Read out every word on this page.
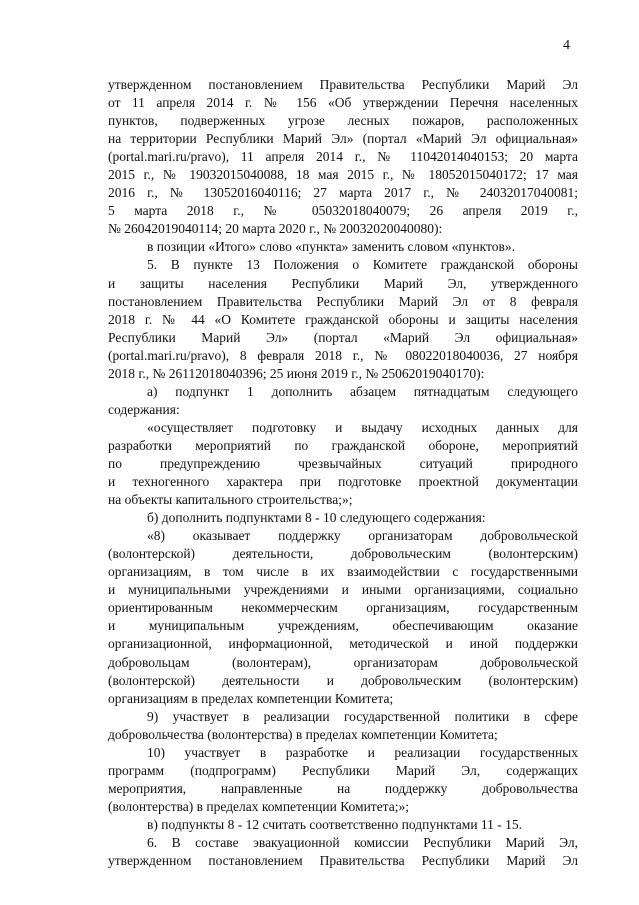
4
утвержденном постановлением Правительства Республики Марий Эл
от 11 апреля 2014 г. № 156 «Об утверждении Перечня населенных
пунктов, подверженных угрозе лесных пожаров, расположенных
на территории Республики Марий Эл» (портал «Марий Эл официальная»
(portal.mari.ru/pravo), 11 апреля 2014 г., № 11042014040153; 20 марта
2015 г., № 19032015040088, 18 мая 2015 г., № 18052015040172; 17 мая
2016 г., № 13052016040116; 27 марта 2017 г., № 24032017040081;
5 марта 2018 г., № 05032018040079; 26 апреля 2019 г.,
№ 26042019040114; 20 марта 2020 г., № 20032020040080):
в позиции «Итого» слово «пункта» заменить словом «пунктов».
5. В пункте 13 Положения о Комитете гражданской обороны
и защиты населения Республики Марий Эл, утвержденного
постановлением Правительства Республики Марий Эл от 8 февраля
2018 г. № 44 «О Комитете гражданской обороны и защиты населения
Республики Марий Эл» (портал «Марий Эл официальная»
(portal.mari.ru/pravo), 8 февраля 2018 г., № 08022018040036, 27 ноября
2018 г., № 26112018040396; 25 июня 2019 г., № 25062019040170):
а) подпункт 1 дополнить абзацем пятнадцатым следующего
содержания:
«осуществляет подготовку и выдачу исходных данных для
разработки мероприятий по гражданской обороне, мероприятий
по предупреждению чрезвычайных ситуаций природного
и техногенного характера при подготовке проектной документации
на объекты капитального строительства;»;
б) дополнить подпунктами 8 - 10 следующего содержания:
«8) оказывает поддержку организаторам добровольческой
(волонтерской) деятельности, добровольческим (волонтерским)
организациям, в том числе в их взаимодействии с государственными
и муниципальными учреждениями и иными организациями, социально
ориентированным некоммерческим организациям, государственным
и муниципальным учреждениям, обеспечивающим оказание
организационной, информационной, методической и иной поддержки
добровольцам (волонтерам), организаторам добровольческой
(волонтерской) деятельности и добровольческим (волонтерским)
организациям в пределах компетенции Комитета;
9) участвует в реализации государственной политики в сфере
добровольчества (волонтерства) в пределах компетенции Комитета;
10) участвует в разработке и реализации государственных
программ (подпрограмм) Республики Марий Эл, содержащих
мероприятия, направленные на поддержку добровольчества
(волонтерства) в пределах компетенции Комитета;»;
в) подпункты 8 - 12 считать соответственно подпунктами 11 - 15.
6. В составе эвакуационной комиссии Республики Марий Эл,
утвержденном постановлением Правительства Республики Марий Эл
